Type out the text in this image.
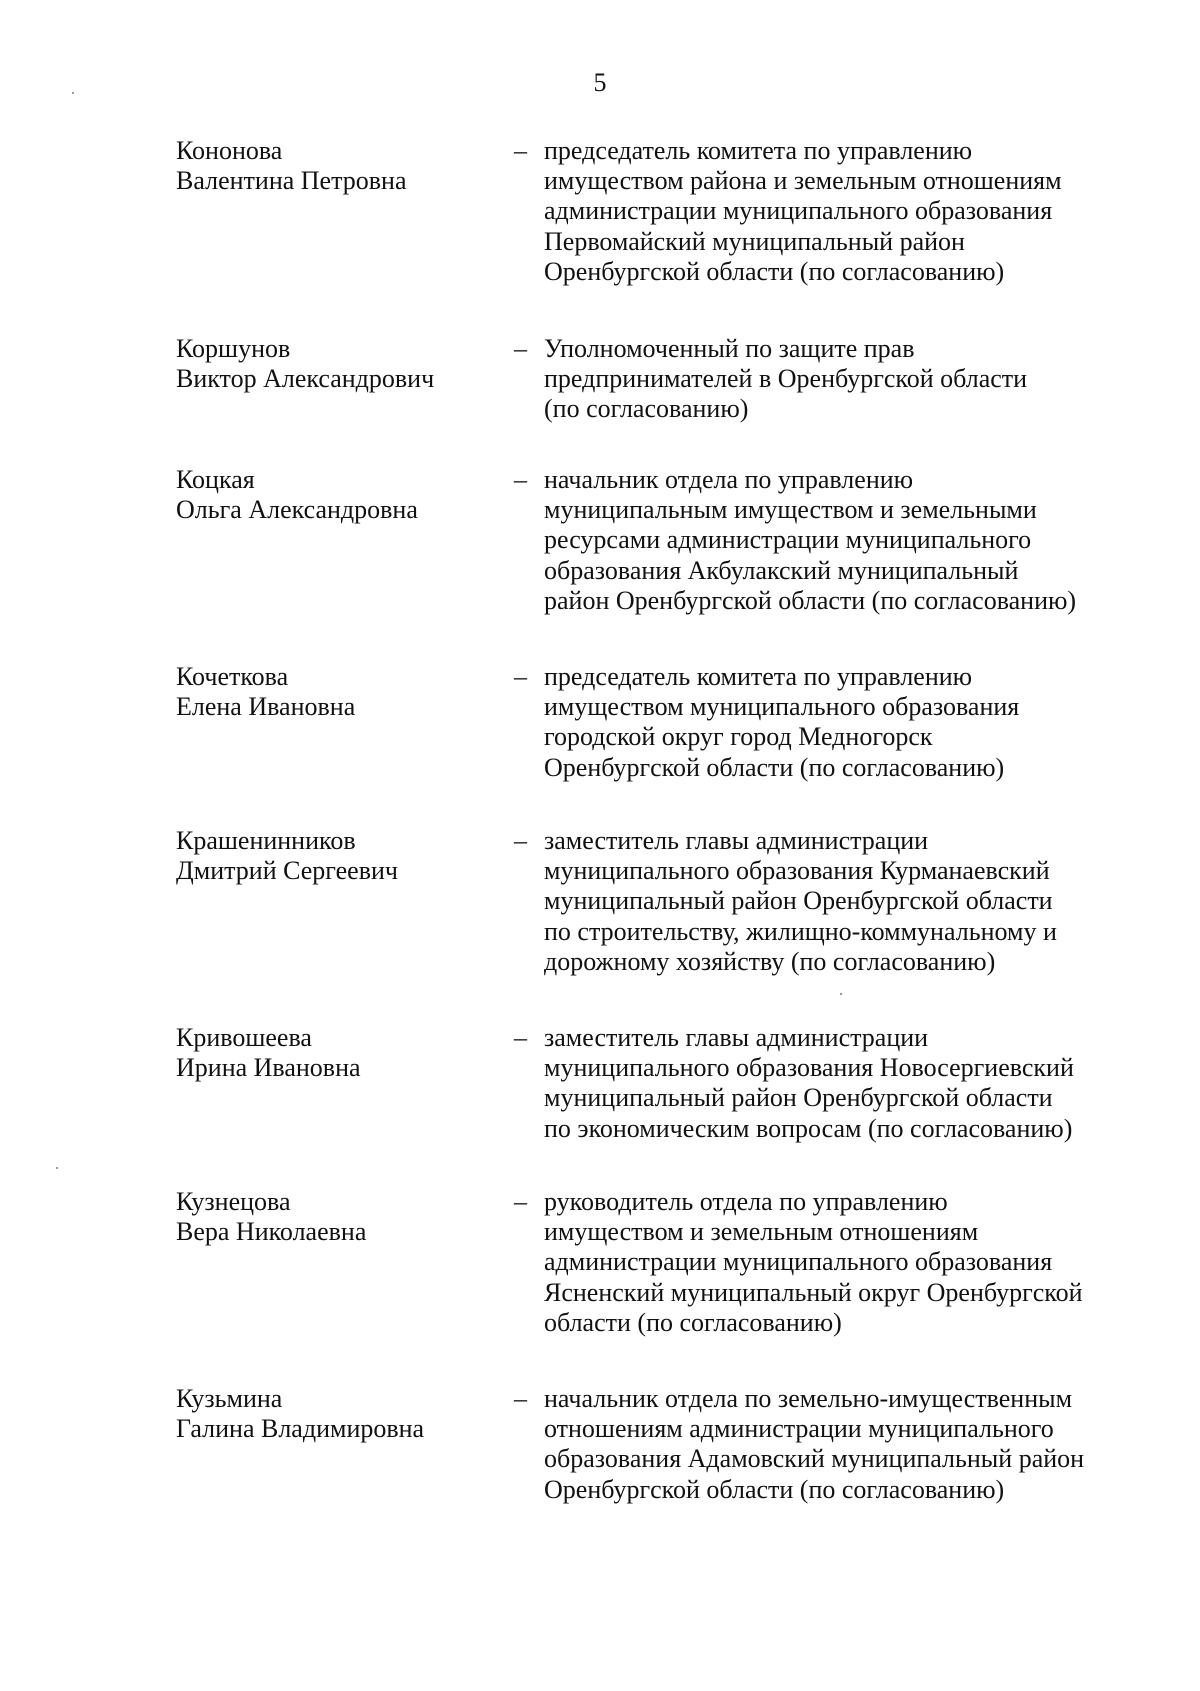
5
Кононова
Валентина Петровна
– председатель комитета по управлению
имуществом района и земельным отношениям
администрации муниципального образования
Первомайский муниципальный район
Оренбургской области (по согласованию)
Коршунов
Виктор Александрович
– Уполномоченный по защите прав
предпринимателей в Оренбургской области
(по согласованию)
Коцкая
Ольга Александровна
– начальник отдела по управлению
муниципальным имуществом и земельными
ресурсами администрации муниципального
образования Акбулакский муниципальный
район Оренбургской области (по согласованию)
Кочеткова
Елена Ивановна
– председатель комитета по управлению
имуществом муниципального образования
городской округ город Медногорск
Оренбургской области (по согласованию)
Крашенинников
Дмитрий Сергеевич
– заместитель главы администрации
муниципального образования Курманаевский
муниципальный район Оренбургской области
по строительству, жилищно-коммунальному и
дорожному хозяйству (по согласованию)
Кривошеева
Ирина Ивановна
– заместитель главы администрации
муниципального образования Новосергиевский
муниципальный район Оренбургской области
по экономическим вопросам (по согласованию)
Кузнецова
Вера Николаевна
– руководитель отдела по управлению
имуществом и земельным отношениям
администрации муниципального образования
Ясненский муниципальный округ Оренбургской
области (по согласованию)
Кузьмина
Галина Владимировна
– начальник отдела по земельно-имущественным
отношениям администрации муниципального
образования Адамовский муниципальный район
Оренбургской области (по согласованию)
